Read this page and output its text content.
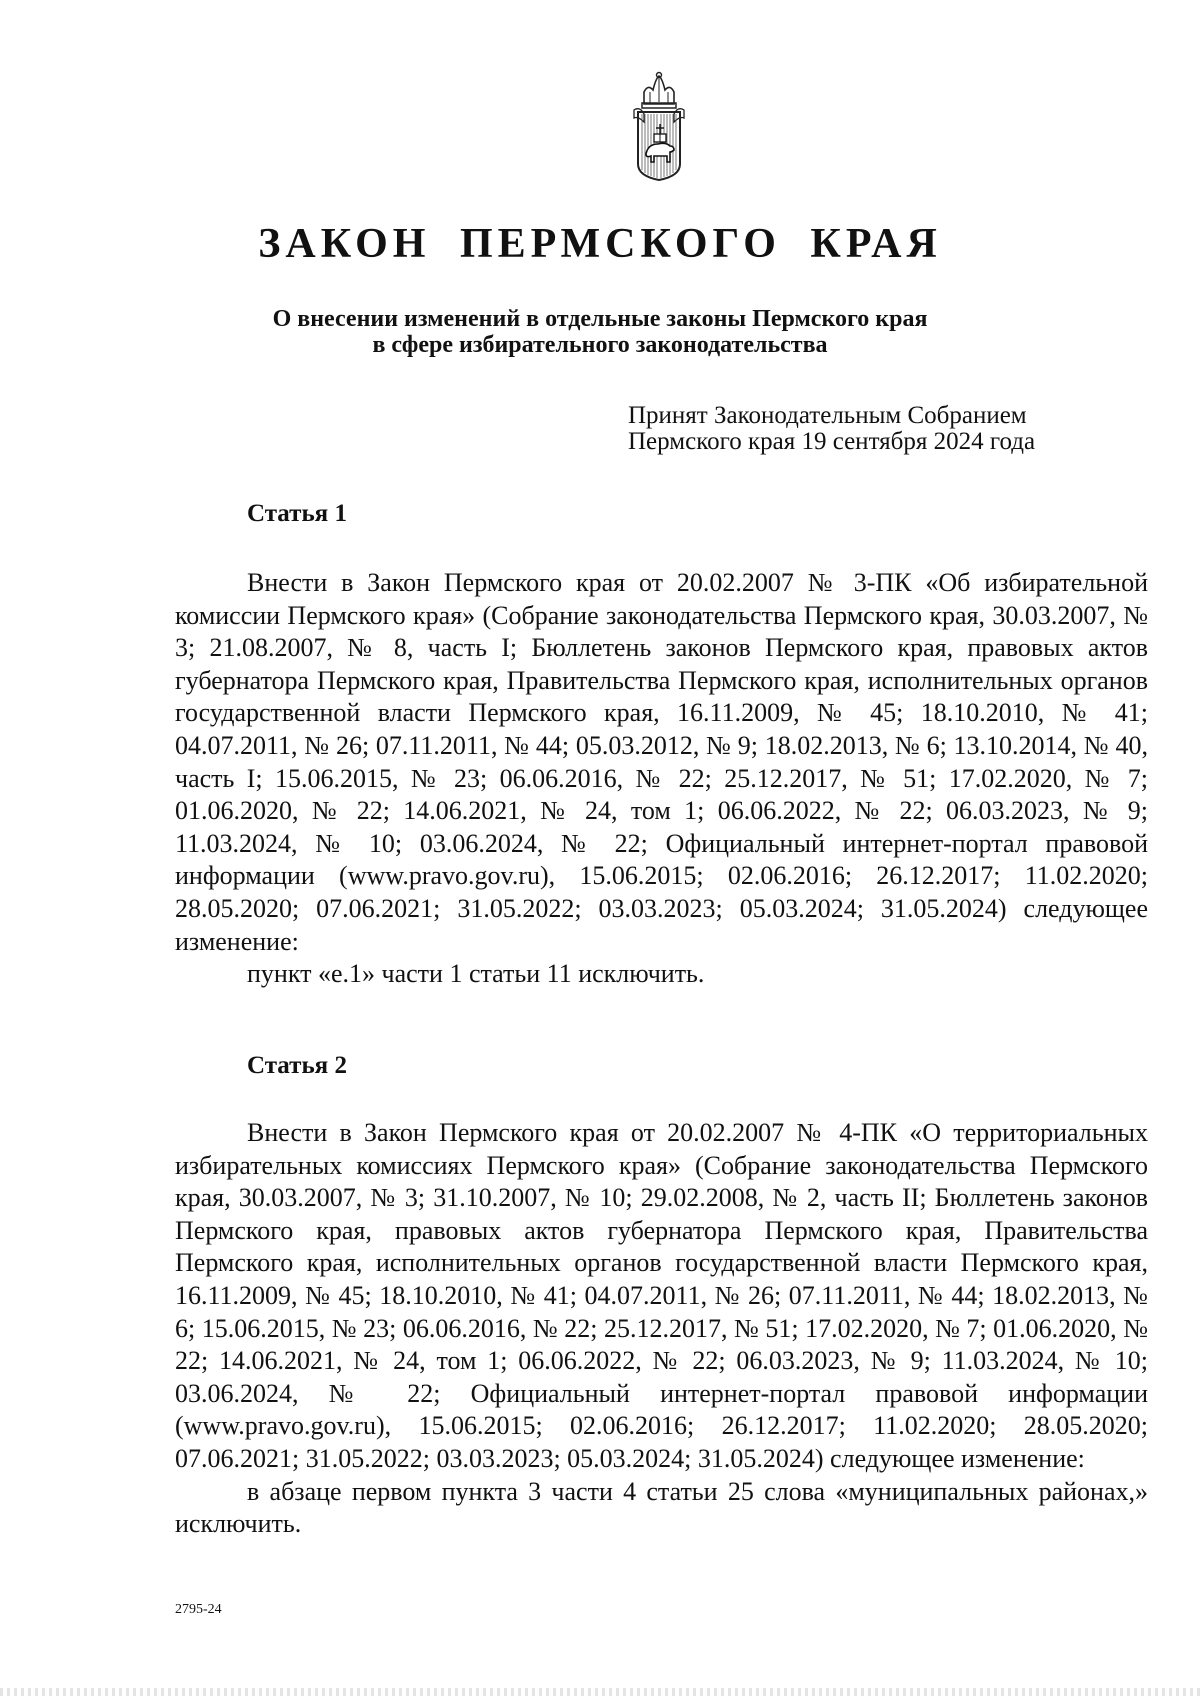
ЗАКОН ПЕРМСКОГО КРАЯ
О внесении изменений в отдельные законы Пермского края
в сфере избирательного законодательства
Принят Законодательным Собранием
Пермского края 19 сентября 2024 года
Статья 1

Внести в Закон Пермского края от 20.02.2007 № 3-ПК «Об избирательной комиссии Пермского края» (Собрание законодательства Пермского края, 30.03.2007, № 3; 21.08.2007, № 8, часть I; Бюллетень законов Пермского края, правовых актов губернатора Пермского края, Правительства Пермского края, исполнительных органов государственной власти Пермского края, 16.11.2009, № 45; 18.10.2010, № 41; 04.07.2011, № 26; 07.11.2011, № 44; 05.03.2012, № 9; 18.02.2013, № 6; 13.10.2014, № 40, часть I; 15.06.2015, № 23; 06.06.2016, № 22; 25.12.2017, № 51; 17.02.2020, № 7; 01.06.2020, № 22; 14.06.2021, № 24, том 1; 06.06.2022, № 22; 06.03.2023, № 9; 11.03.2024, № 10; 03.06.2024, № 22; Официальный интернет-портал правовой информации (www.pravo.gov.ru), 15.06.2015; 02.06.2016; 26.12.2017; 11.02.2020; 28.05.2020; 07.06.2021; 31.05.2022; 03.03.2023; 05.03.2024; 31.05.2024) следующее изменение:

пункт «е.1» части 1 статьи 11 исключить.

Статья 2

Внести в Закон Пермского края от 20.02.2007 № 4-ПК «О территориальных избирательных комиссиях Пермского края» (Собрание законодательства Пермского края, 30.03.2007, № 3; 31.10.2007, № 10; 29.02.2008, № 2, часть II; Бюллетень законов Пермского края, правовых актов губернатора Пермского края, Правительства Пермского края, исполнительных органов государственной власти Пермского края, 16.11.2009, № 45; 18.10.2010, № 41; 04.07.2011, № 26; 07.11.2011, № 44; 18.02.2013, № 6; 15.06.2015, № 23; 06.06.2016, № 22; 25.12.2017, № 51; 17.02.2020, № 7; 01.06.2020, № 22; 14.06.2021, № 24, том 1; 06.06.2022, № 22; 06.03.2023, № 9; 11.03.2024, № 10; 03.06.2024, № 22; Официальный интернет-портал правовой информации (www.pravo.gov.ru), 15.06.2015; 02.06.2016; 26.12.2017; 11.02.2020; 28.05.2020; 07.06.2021; 31.05.2022; 03.03.2023; 05.03.2024; 31.05.2024) следующее изменение:

в абзаце первом пункта 3 части 4 статьи 25 слова «муниципальных районах,» исключить.

2795-24
